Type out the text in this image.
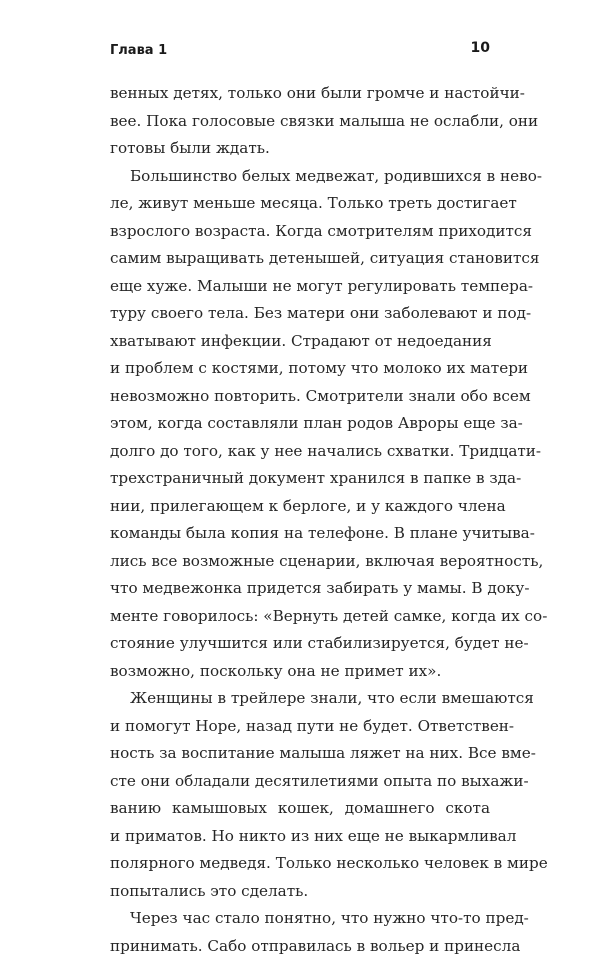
Глава 1	10
венных детях, только они были громче и настойчи-
вее. Пока голосовые связки малыша не ослабли, они
готовы были ждать.
Большинство белых медвежат, родившихся в нево-
ле, живут меньше месяца. Только треть достигает
взрослого возраста. Когда смотрителям приходится
самим выращивать детенышей, ситуация становится
еще хуже. Малыши не могут регулировать темпера-
туру своего тела. Без матери они заболевают и под-
хватывают инфекции. Страдают от недоедания
и проблем с костями, потому что молоко их матери
невозможно повторить. Смотрители знали обо всем
этом, когда составляли план родов Авроры еще за-
долго до того, как у нее начались схватки. Тридцати-
трехстраничный документ хранился в папке в зда-
нии, прилегающем к берлоге, и у каждого члена
команды была копия на телефоне. В плане учитыва-
лись все возможные сценарии, включая вероятность,
что медвежонка придется забирать у мамы. В доку-
менте говорилось: «Вернуть детей самке, когда их со-
стояние улучшится или стабилизируется, будет не-
возможно, поскольку она не примет их».
Женщины в трейлере знали, что если вмешаются
и помогут Норе, назад пути не будет. Ответствен-
ность за воспитание малыша ляжет на них. Все вме-
сте они обладали десятилетиями опыта по выхажи-
ванию камышовых кошек, домашнего скота
и приматов. Но никто из них еще не выкармливал
полярного медведя. Только несколько человек в мире
попытались это сделать.
Через час стало понятно, что нужно что-то пред-
принимать. Сабо отправилась в вольер и принесла
